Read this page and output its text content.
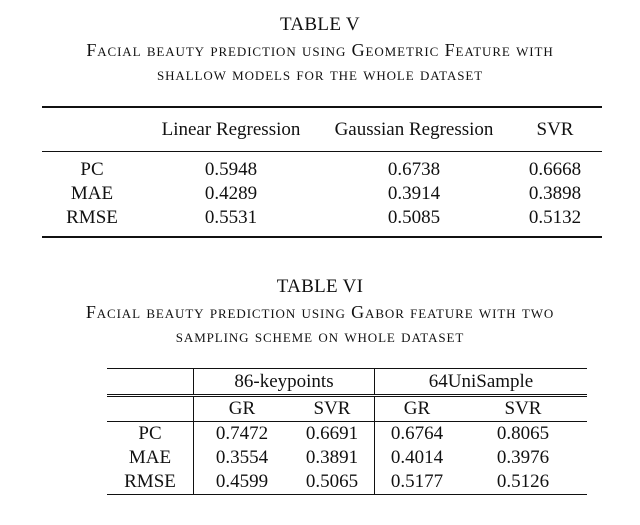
TABLE V
Facial beauty prediction using Geometric Feature with
shallow models for the whole dataset
	Linear Regression	Gaussian Regression	SVR
PC	0.5948	0.6738	0.6668
MAE	0.4289	0.3914	0.3898
RMSE	0.5531	0.5085	0.5132
TABLE VI
Facial beauty prediction using Gabor feature with two
sampling scheme on whole dataset
	86-keypoints		64UniSample	
	GR	SVR	GR	SVR
PC	0.7472	0.6691	0.6764	0.8065
MAE	0.3554	0.3891	0.4014	0.3976
RMSE	0.4599	0.5065	0.5177	0.5126
